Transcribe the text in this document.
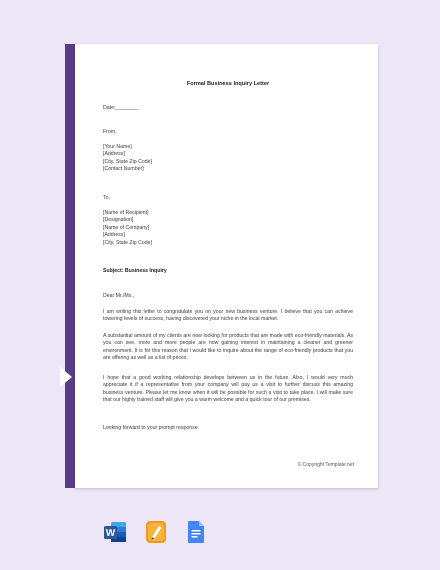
Formal Business Inquiry Letter
Date:________
From,
[Your Name]
[Address]
[City, State Zip Code]
[Contact Number]
To,
[Name of Recipient]
[Designation]
[Name of Company]
[Address]
[City, State Zip Code]
Subject: Business Inquiry
Dear Mr./Ms.,
I am writing this letter to congratulate you on your new business venture. I believe that you can achieve towering levels of success, having discovered your niche in the local market.
A substantial amount of my clients are now looking for products that are made with eco-friendly materials. As you can see, more and more people are now gaining interest in maintaining a cleaner and greener environment. It is for this reason that I would like to inquire about the range of eco-friendly products that you are offering as well as a list of prices.
I hope that a good working relationship develops between us in the future. Also, I would very much appreciate it if a representative from your company will pay us a visit to further discuss this amazing business venture. Please let me know when it will be possible for such a visit to take place. I will make sure that our highly trained staff will give you a warm welcome and a quick tour of our premises.
Looking forward to your prompt response.
© Copyright Template.net
W
